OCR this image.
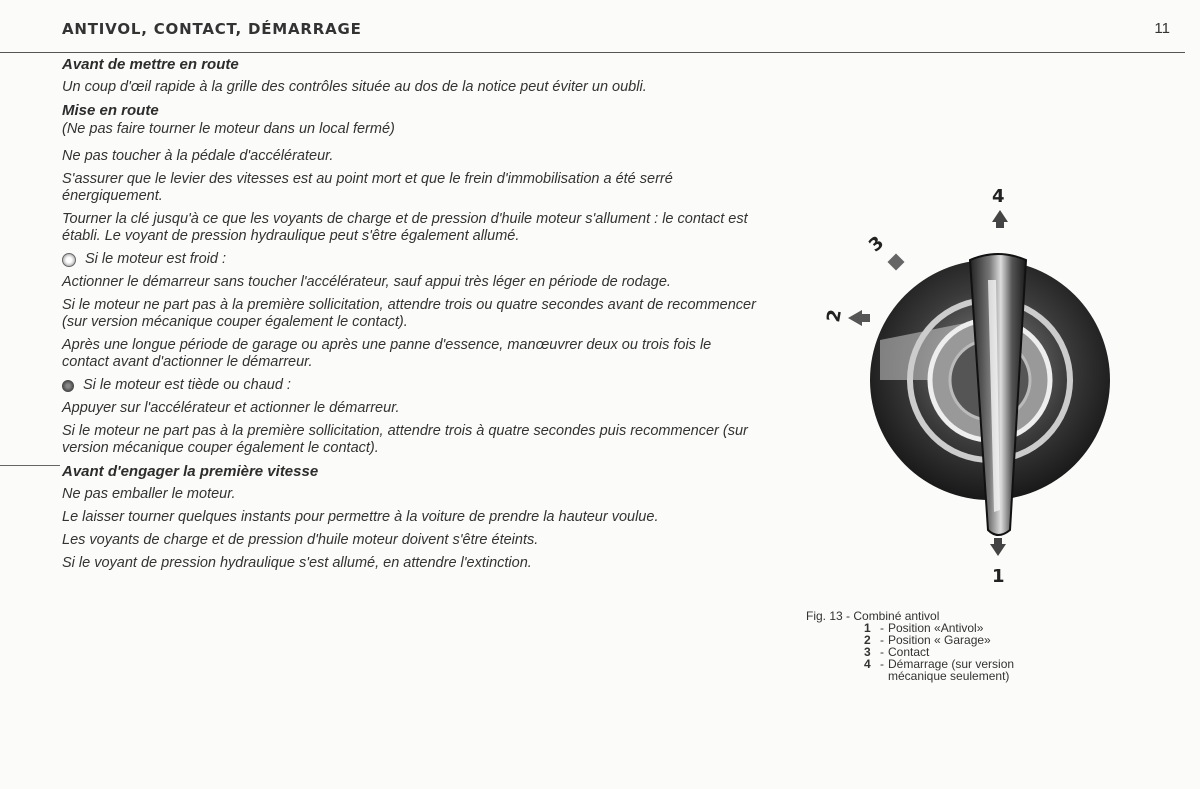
ANTIVOL, CONTACT, DÉMARRAGE	11

Avant de mettre en route

Un coup d'œil rapide à la grille des contrôles située au dos de la notice peut éviter un oubli.

Mise en route

(Ne pas faire tourner le moteur dans un local fermé)

Ne pas toucher à la pédale d'accélérateur.

S'assurer que le levier des vitesses est au point mort et que le frein d'immobilisation a été serré énergiquement.

Tourner la clé jusqu'à ce que les voyants de charge et de pression d'huile moteur s'allument : le contact est établi. Le voyant de pression hydraulique peut s'être également allumé.

Si le moteur est froid :

Actionner le démarreur sans toucher l'accélérateur, sauf appui très léger en période de rodage.

Si le moteur ne part pas à la première sollicitation, attendre trois ou quatre secondes avant de recommencer (sur version mécanique couper également le contact).

Après une longue période de garage ou après une panne d'essence, manœuvrer deux ou trois fois le contact avant d'actionner le démarreur.

Si le moteur est tiède ou chaud :

Appuyer sur l'accélérateur et actionner le démarreur.

Si le moteur ne part pas à la première sollicitation, attendre trois à quatre secondes puis recommencer (sur version mécanique couper également le contact).

Avant d'engager la première vitesse

Ne pas emballer le moteur.

Le laisser tourner quelques instants pour permettre à la voiture de prendre la hauteur voulue.

Les voyants de charge et de pression d'huile moteur doivent s'être éteints.

Si le voyant de pression hydraulique s'est allumé, en attendre l'extinction.

4
3
2
1
Fig. 13 - Combiné antivol
1 - Position «Antivol»
2 - Position « Garage»
3 - Contact
4 - Démarrage (sur version
mécanique seulement)
